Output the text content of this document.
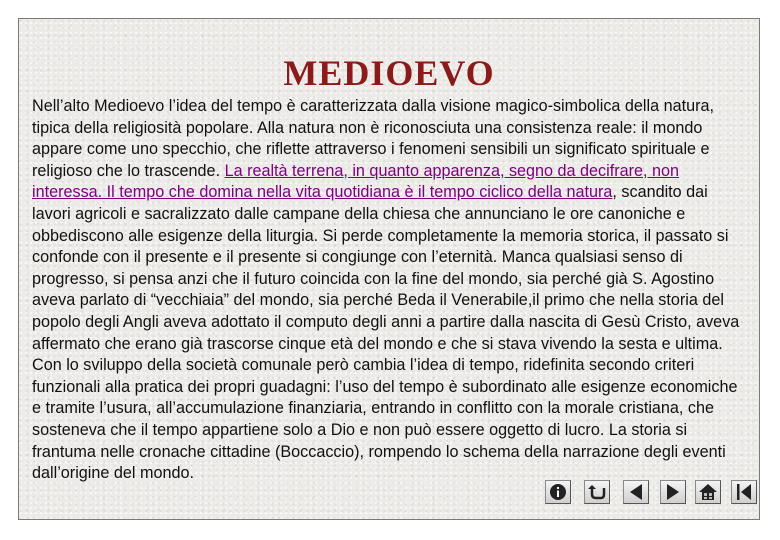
MEDIOEVO

Nell’alto Medioevo l’idea del tempo è caratterizzata dalla visione magico-simbolica della natura, tipica della religiosità popolare. Alla natura non è riconosciuta una consistenza reale: il mondo appare come uno specchio, che riflette attraverso i fenomeni sensibili un significato spirituale e religioso che lo trascende. La realtà terrena, in quanto apparenza, segno da decifrare, non interessa. Il tempo che domina nella vita quotidiana è il tempo ciclico della natura, scandito dai lavori agricoli e sacralizzato dalle campane della chiesa che annunciano le ore canoniche e obbediscono alle esigenze della liturgia. Si perde completamente la memoria storica, il passato si confonde con il presente e il presente si congiunge con l’eternità. Manca qualsiasi senso di progresso, si pensa anzi che il futuro coincida con la fine del mondo, sia perché già S. Agostino aveva parlato di “vecchiaia” del mondo, sia perché Beda il Venerabile,il primo che nella storia del popolo degli Angli aveva adottato il computo degli anni a partire dalla nascita di Gesù Cristo, aveva affermato che erano già trascorse cinque età del mondo e che si stava vivendo la sesta e ultima. Con lo sviluppo della società comunale però cambia l’idea di tempo, ridefinita secondo criteri funzionali alla pratica dei propri guadagni: l’uso del tempo è subordinato alle esigenze economiche e tramite l’usura, all’accumulazione finanziaria, entrando in conflitto con la morale cristiana, che sosteneva che il tempo appartiene solo a Dio e non può essere oggetto di lucro. La storia si frantuma nelle cronache cittadine (Boccaccio), rompendo lo schema della narrazione degli eventi dall’origine del mondo.
